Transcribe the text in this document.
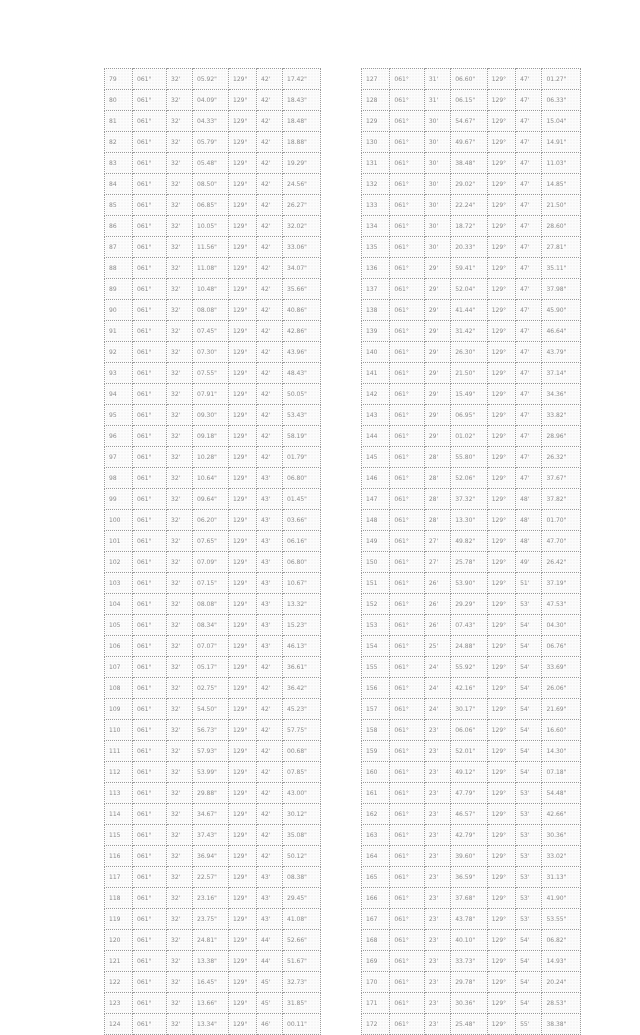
79	061°	32'	05.92"	129°	42'	17.42"
80	061°	32'	04.09"	129°	42'	18.43"
81	061°	32'	04.33"	129°	42'	18.48"
82	061°	32'	05.79"	129°	42'	18.88"
83	061°	32'	05.48"	129°	42'	19.29"
84	061°	32'	08.50"	129°	42'	24.56"
85	061°	32'	06.85"	129°	42'	26.27"
86	061°	32'	10.05"	129°	42'	32.02"
87	061°	32'	11.56"	129°	42'	33.06"
88	061°	32'	11.08"	129°	42'	34.07"
89	061°	32'	10.48"	129°	42'	35.66"
90	061°	32'	08.08"	129°	42'	40.86"
91	061°	32'	07.45"	129°	42'	42.86"
92	061°	32'	07.30"	129°	42'	43.96"
93	061°	32'	07.55"	129°	42'	48.43"
94	061°	32'	07.91"	129°	42'	50.05"
95	061°	32'	09.30"	129°	42'	53.43"
96	061°	32'	09.18"	129°	42'	58.19"
97	061°	32'	10.28"	129°	42'	01.79"
98	061°	32'	10.64"	129°	43'	06.80"
99	061°	32'	09.64"	129°	43'	01.45"
100	061°	32'	06.20"	129°	43'	03.66"
101	061°	32'	07.65"	129°	43'	06.16"
102	061°	32'	07.09"	129°	43'	06.80"
103	061°	32'	07.15"	129°	43'	10.67"
104	061°	32'	08.08"	129°	43'	13.32"
105	061°	32'	08.34"	129°	43'	15.23"
106	061°	32'	07.07"	129°	43'	46.13"
107	061°	32'	05.17"	129°	42'	36.61"
108	061°	32'	02.75"	129°	42'	36.42"
109	061°	32'	54.50"	129°	42'	45.23"
110	061°	32'	56.73"	129°	42'	57.75"
111	061°	32'	57.93"	129°	42'	00.68"
112	061°	32'	53.99"	129°	42'	07.85"
113	061°	32'	29.88"	129°	42'	43.00"
114	061°	32'	34.67"	129°	42'	30.12"
115	061°	32'	37.43"	129°	42'	35.08"
116	061°	32'	36.94"	129°	42'	50.12"
117	061°	32'	22.57"	129°	43'	08.38"
118	061°	32'	23.16"	129°	43'	29.45"
119	061°	32'	23.75"	129°	43'	41.08"
120	061°	32'	24.81"	129°	44'	52.66"
121	061°	32'	13.38"	129°	44'	51.67"
122	061°	32'	16.45"	129°	45'	32.73"
123	061°	32'	13.66"	129°	45'	31.85"
124	061°	32'	13.34"	129°	46'	00.11"
127	061°	31'	06.60"	129°	47'	01.27"
128	061°	31'	06.15"	129°	47'	06.33"
129	061°	30'	54.67"	129°	47'	15.04"
130	061°	30'	49.67"	129°	47'	14.91"
131	061°	30'	38.48"	129°	47'	11.03"
132	061°	30'	29.02"	129°	47'	14.85"
133	061°	30'	22.24"	129°	47'	21.50"
134	061°	30'	18.72"	129°	47'	28.60"
135	061°	30'	20.33"	129°	47'	27.81"
136	061°	29'	59.41"	129°	47'	35.11"
137	061°	29'	52.04"	129°	47'	37.98"
138	061°	29'	41.44"	129°	47'	45.90"
139	061°	29'	31.42"	129°	47'	46.64"
140	061°	29'	26.30"	129°	47'	43.79"
141	061°	29'	21.50"	129°	47'	37.14"
142	061°	29'	15.49"	129°	47'	34.36"
143	061°	29'	06.95"	129°	47'	33.82"
144	061°	29'	01.02"	129°	47'	28.96"
145	061°	28'	55.80"	129°	47'	26.32"
146	061°	28'	52.06"	129°	47'	37.67"
147	061°	28'	37.32"	129°	48'	37.82"
148	061°	28'	13.30"	129°	48'	01.70"
149	061°	27'	49.82"	129°	48'	47.70"
150	061°	27'	25.78"	129°	49'	26.42"
151	061°	26'	53.90"	129°	51'	37.19"
152	061°	26'	29.29"	129°	53'	47.53"
153	061°	26'	07.43"	129°	54'	04.30"
154	061°	25'	24.88"	129°	54'	06.76"
155	061°	24'	55.92"	129°	54'	33.69"
156	061°	24'	42.16"	129°	54'	26.06"
157	061°	24'	30.17"	129°	54'	21.69"
158	061°	23'	06.06"	129°	54'	16.60"
159	061°	23'	52.01"	129°	54'	14.30"
160	061°	23'	49.12"	129°	54'	07.18"
161	061°	23'	47.79"	129°	53'	54.48"
162	061°	23'	46.57"	129°	53'	42.66"
163	061°	23'	42.79"	129°	53'	30.36"
164	061°	23'	39.60"	129°	53'	33.02"
165	061°	23'	36.59"	129°	53'	31.13"
166	061°	23'	37.68"	129°	53'	41.90"
167	061°	23'	43.78"	129°	53'	53.55"
168	061°	23'	40.10"	129°	54'	06.82"
169	061°	23'	33.73"	129°	54'	14.93"
170	061°	23'	29.78"	129°	54'	20.24"
171	061°	23'	30.36"	129°	54'	28.53"
172	061°	23'	25.48"	129°	55'	38.38"
